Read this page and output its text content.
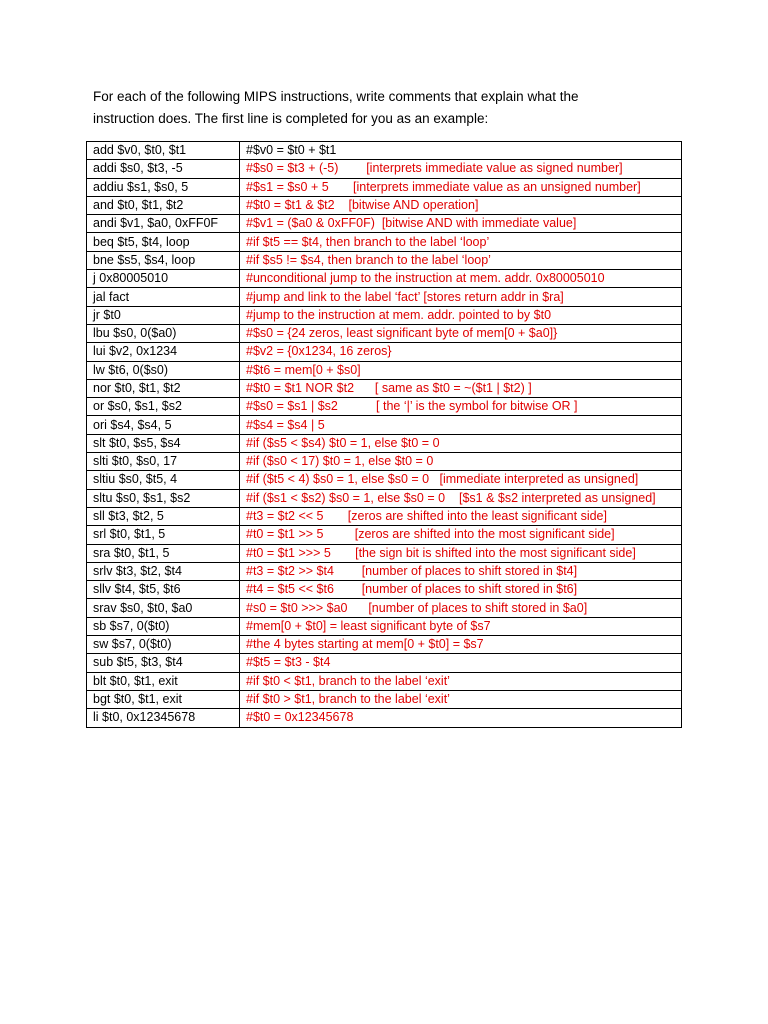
For each of the following MIPS instructions, write comments that explain what the

instruction does. The first line is completed for you as an example:

add $v0, $t0, $t1	#$v0 = $t0 + $t1
addi $s0, $t3, -5	#$s0 = $t3 + (-5)        [interprets immediate value as signed number]
addiu $s1, $s0, 5	#$s1 = $s0 + 5       [interprets immediate value as an unsigned number]
and $t0, $t1, $t2	#$t0 = $t1 & $t2    [bitwise AND operation]
andi $v1, $a0, 0xFF0F	#$v1 = ($a0 & 0xFF0F)  [bitwise AND with immediate value]
beq $t5, $t4, loop	#if $t5 == $t4, then branch to the label ‘loop’
bne $s5, $s4, loop	#if $s5 != $s4, then branch to the label ‘loop’
j 0x80005010	#unconditional jump to the instruction at mem. addr. 0x80005010
jal fact	#jump and link to the label ‘fact’ [stores return addr in $ra]
jr $t0	#jump to the instruction at mem. addr. pointed to by $t0
lbu $s0, 0($a0)	#$s0 = {24 zeros, least significant byte of mem[0 + $a0]}
lui $v2, 0x1234	#$v2 = {0x1234, 16 zeros}
lw $t6, 0($s0)	#$t6 = mem[0 + $s0]
nor $t0, $t1, $t2	#$t0 = $t1 NOR $t2      [ same as $t0 = ~($t1 | $t2) ]
or $s0, $s1, $s2	#$s0 = $s1 | $s2           [ the ‘|’ is the symbol for bitwise OR ]
ori $s4, $s4, 5	#$s4 = $s4 | 5
slt $t0, $s5, $s4	#if ($s5 < $s4) $t0 = 1, else $t0 = 0
slti $t0, $s0, 17	#if ($s0 < 17) $t0 = 1, else $t0 = 0
sltiu $s0, $t5, 4	#if ($t5 < 4) $s0 = 1, else $s0 = 0   [immediate interpreted as unsigned]
sltu $s0, $s1, $s2	#if ($s1 < $s2) $s0 = 1, else $s0 = 0    [$s1 & $s2 interpreted as unsigned]
sll $t3, $t2, 5	#t3 = $t2 << 5       [zeros are shifted into the least significant side]
srl $t0, $t1, 5	#t0 = $t1 >> 5         [zeros are shifted into the most significant side]
sra $t0, $t1, 5	#t0 = $t1 >>> 5       [the sign bit is shifted into the most significant side]
srlv $t3, $t2, $t4	#t3 = $t2 >> $t4        [number of places to shift stored in $t4]
sllv $t4, $t5, $t6	#t4 = $t5 << $t6        [number of places to shift stored in $t6]
srav $s0, $t0, $a0	#s0 = $t0 >>> $a0      [number of places to shift stored in $a0]
sb $s7, 0($t0)	#mem[0 + $t0] = least significant byte of $s7
sw $s7, 0($t0)	#the 4 bytes starting at mem[0 + $t0] = $s7
sub $t5, $t3, $t4	#$t5 = $t3 - $t4
blt $t0, $t1, exit	#if $t0 < $t1, branch to the label ‘exit’
bgt $t0, $t1, exit	#if $t0 > $t1, branch to the label ‘exit’
li $t0, 0x12345678	#$t0 = 0x12345678
